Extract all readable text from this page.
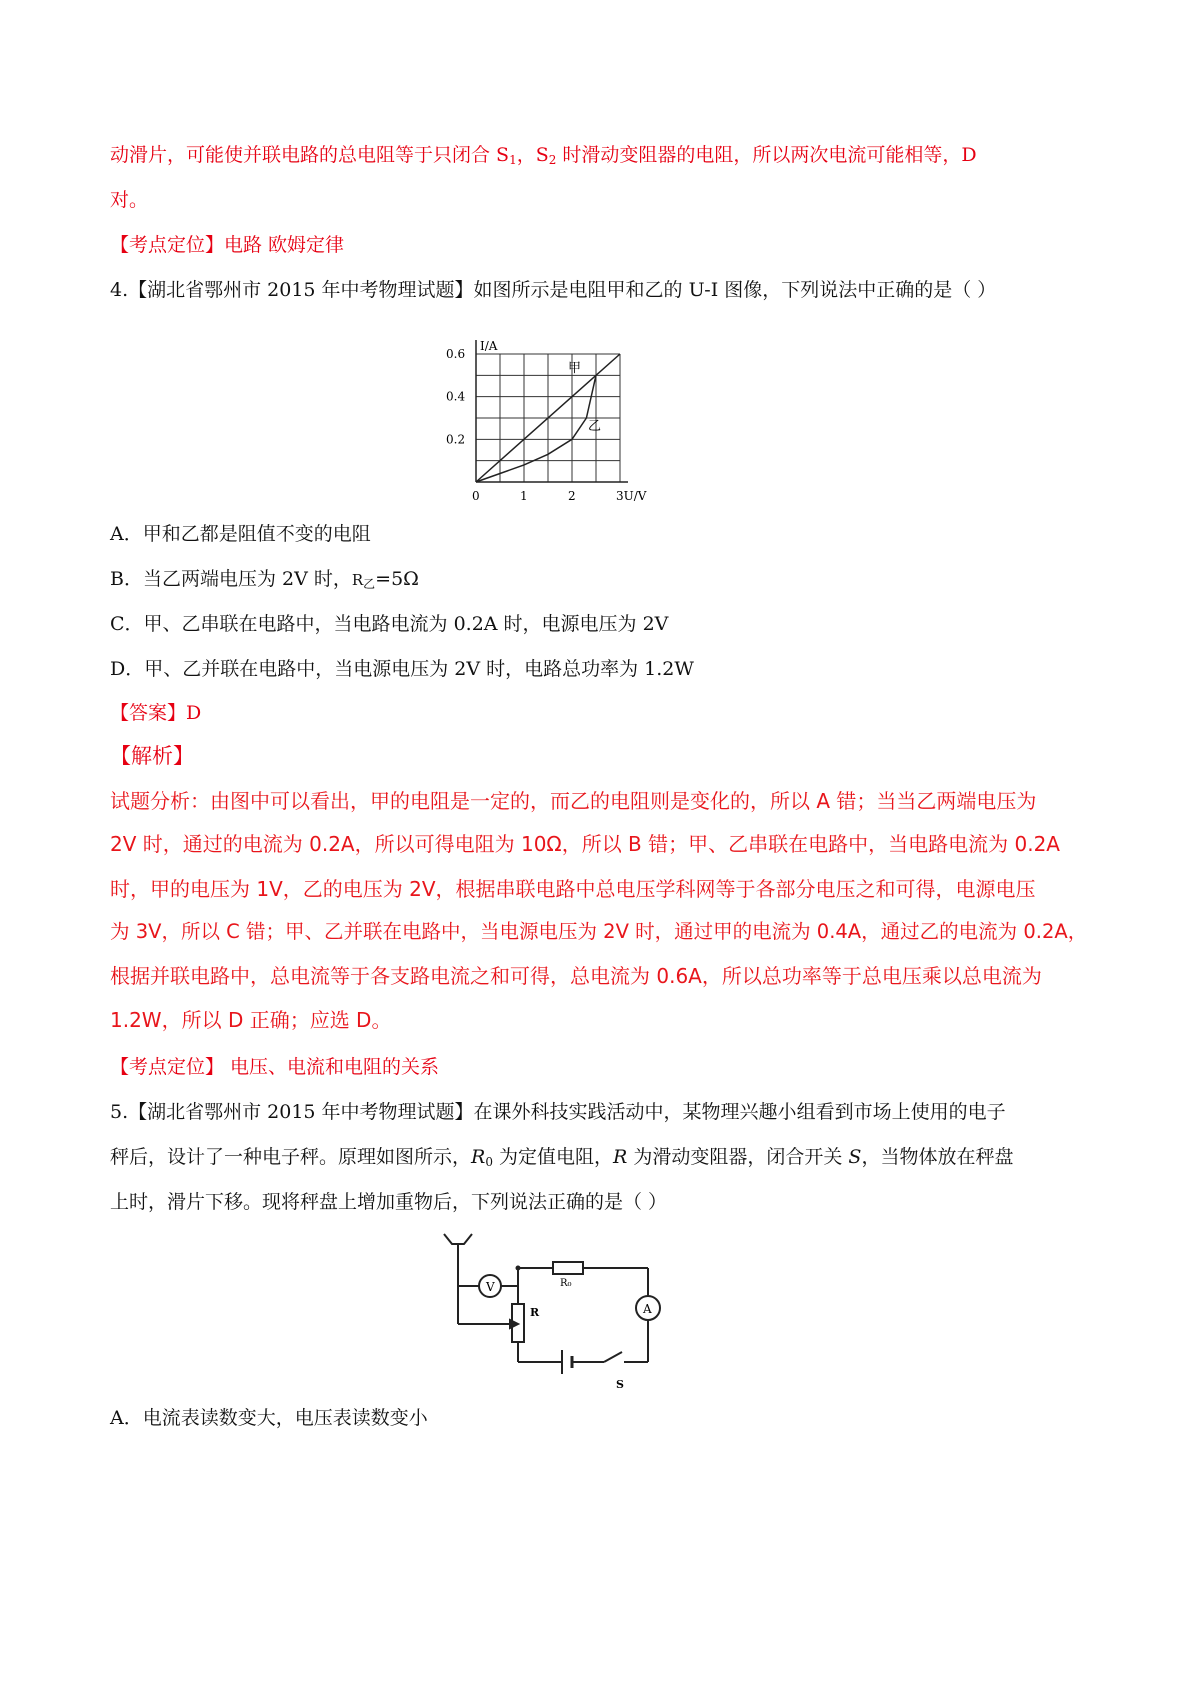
动滑片，可能使并联电路的总电阻等于只闭合 $S_1$，$S_2$ 时滑动变阻器的电阻，所以两次电流可能相等，D
对。
【考点定位】电路 欧姆定律
4.【湖北省鄂州市 2015 年中考物理试题】如图所示是电阻甲和乙的 U-I 图像，下列说法中正确的是（ ）
I/A
0	1	2	3U/V
0.2
0.4
0.6
甲
乙
A．甲和乙都是阻值不变的电阻
B．当乙两端电压为 2V 时，$R_乙=5\Omega$
C．甲、乙串联在电路中，当电路电流为 0.2A 时，电源电压为 2V
D．甲、乙并联在电路中，当电源电压为 2V 时，电路总功率为 1.2W
【答案】D
【解析】
试题分析：由图中可以看出，甲的电阻是一定的，而乙的电阻则是变化的，所以 A 错；当当乙两端电压为
2V 时，通过的电流为 0.2A，所以可得电阻为 10Ω，所以 B 错；甲、乙串联在电路中，当电路电流为 0.2A
时，甲的电压为 1V，乙的电压为 2V，根据串联电路中总电压学科网等于各部分电压之和可得，电源电压
为 3V，所以 C 错；甲、乙并联在电路中，当电源电压为 2V 时，通过甲的电流为 0.4A，通过乙的电流为 0.2A，
根据并联电路中，总电流等于各支路电流之和可得，总电流为 0.6A，所以总功率等于总电压乘以总电流为
1.2W，所以 D 正确；应选 D。
【考点定位】 电压、电流和电阻的关系
5.【湖北省鄂州市 2015 年中考物理试题】在课外科技实践活动中，某物理兴趣小组看到市场上使用的电子
秤后，设计了一种电子秤。原理如图所示，$R_0$ 为定值电阻，R 为滑动变阻器，闭合开关 S，当物体放在秤盘
上时，滑片下移。现将秤盘上增加重物后，下列说法正确的是（ ）
V
A
R₀
R
S
A．电流表读数变大，电压表读数变小
